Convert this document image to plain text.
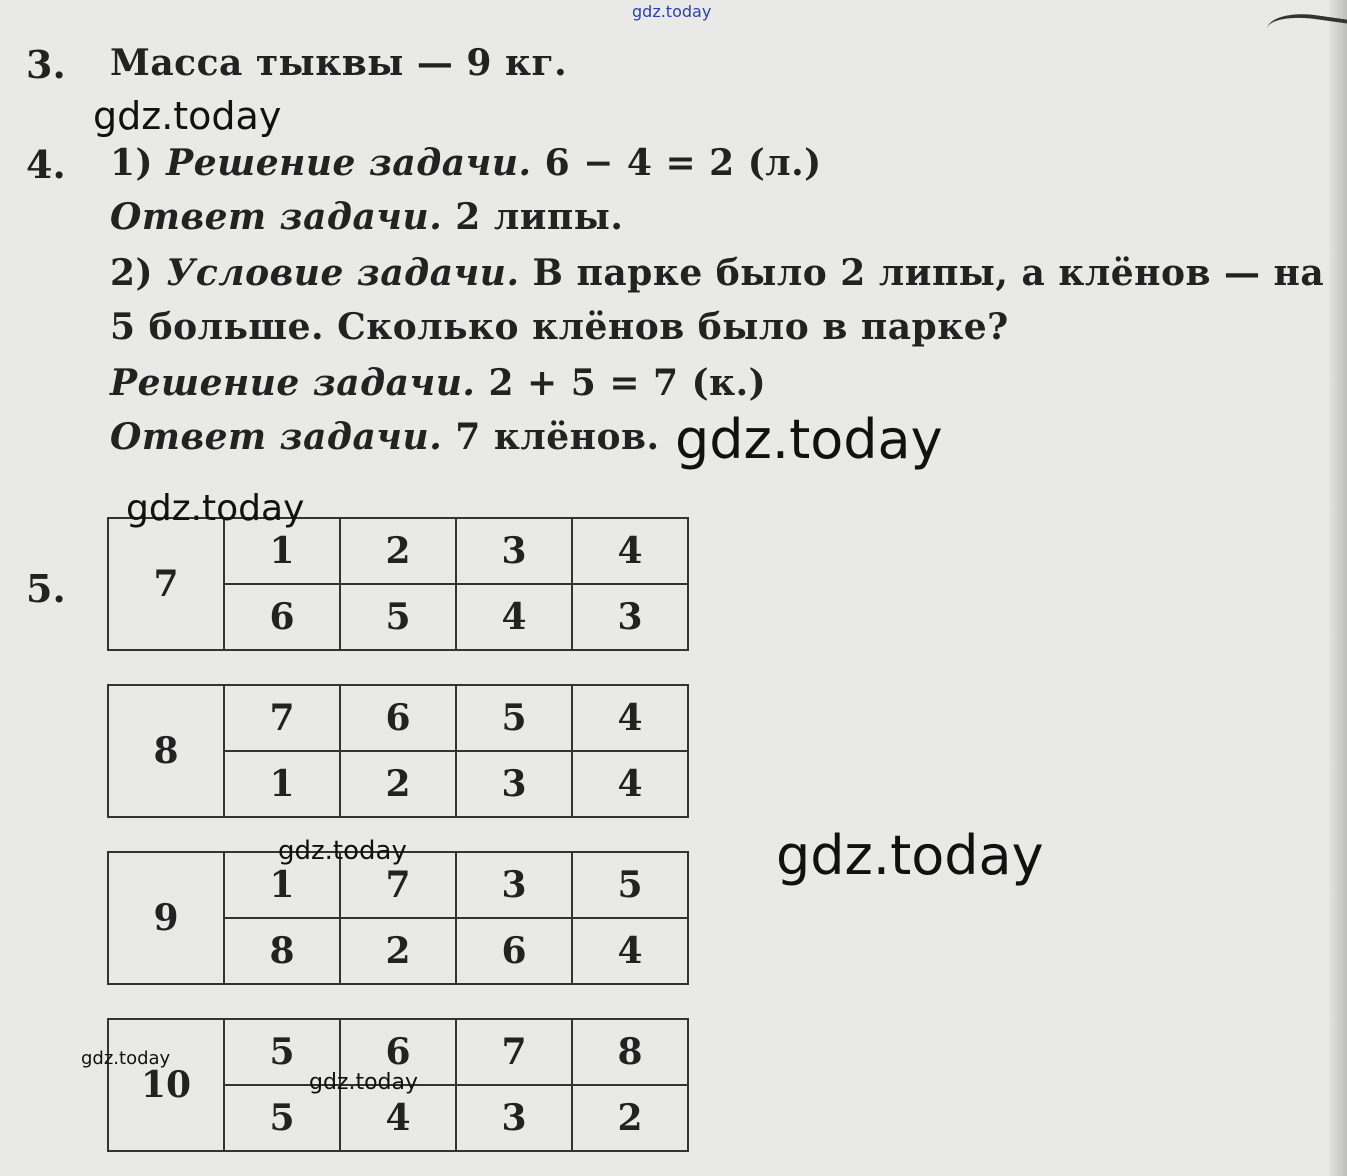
gdz.today
3. Масса тыквы — 9 кг.
4. 1) Решение задачи. 6 − 4 = 2 (л.)
Ответ задачи. 2 липы.
2) Условие задачи. В парке было 2 липы, а клёнов — на
5 больше. Сколько клёнов было в парке?
Решение задачи. 2 + 5 = 7 (к.)
Ответ задачи. 7 клёнов.
5. 7	1	2	3	4
	6	5	4	3
8	7	6	5	4
	1	2	3	4
9	1	7	3	5
	8	2	6	4
10	5	6	7	8
	5	4	3	2
gdz.today
gdz.today
gdz.today
gdz.today
gdz.today
gdz.today
gdz.today
